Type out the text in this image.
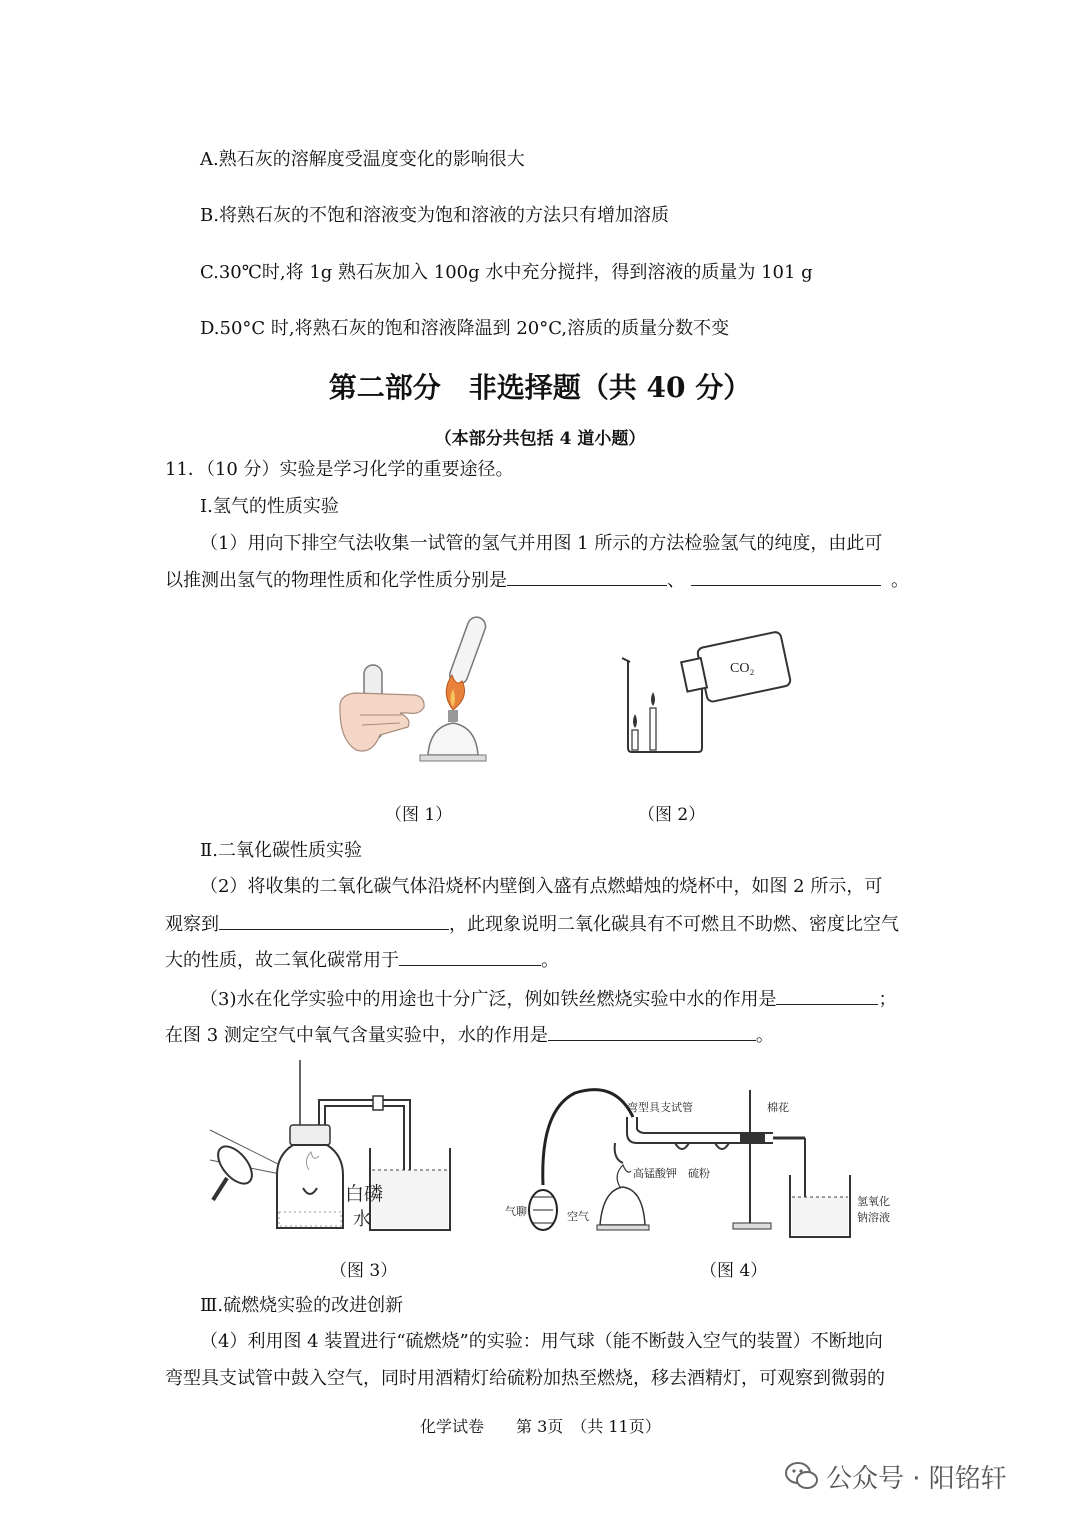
A.熟石灰的溶解度受温度变化的影响很大
B.将熟石灰的不饱和溶液变为饱和溶液的方法只有增加溶质
C.30℃时,将 1g 熟石灰加入 100g 水中充分搅拌，得到溶液的质量为 101 g
D.50°C 时,将熟石灰的饱和溶液降温到 20°C,溶质的质量分数不变
第二部分　非选择题（共 40 分）
（本部分共包括 4 道小题）
11．（10 分）实验是学习化学的重要途径。
Ⅰ.氢气的性质实验
（1）用向下排空气法收集一试管的氢气并用图 1 所示的方法检验氢气的纯度，由此可
以推测出氢气的物理性质和化学性质分别是	、	。
CO₂
（图 1）	（图 2）
Ⅱ.二氧化碳性质实验
（2）将收集的二氧化碳气体沿烧杯内壁倒入盛有点燃蜡烛的烧杯中，如图 2 所示，可
观察到	，此现象说明二氧化碳具有不可燃且不助燃、密度比空气
大的性质，故二氧化碳常用于	。
（3)水在化学实验中的用途也十分广泛，例如铁丝燃烧实验中水的作用是	；
在图 3 测定空气中氧气含量实验中，水的作用是	。
白磷
水
弯型具支试管	棉花
高锰酸钾 硫粉
气聊	空气
氢氧化
钠溶液
（图 3）	（图 4）
Ⅲ.硫燃烧实验的改进创新
（4）利用图 4 装置进行“硫燃烧”的实验：用气球（能不断鼓入空气的装置）不断地向
弯型具支试管中鼓入空气，同时用酒精灯给硫粉加热至燃烧，移去酒精灯，可观察到微弱的
化学试卷　　第 3页　（共 11页）
公众号 · 阳铭轩
